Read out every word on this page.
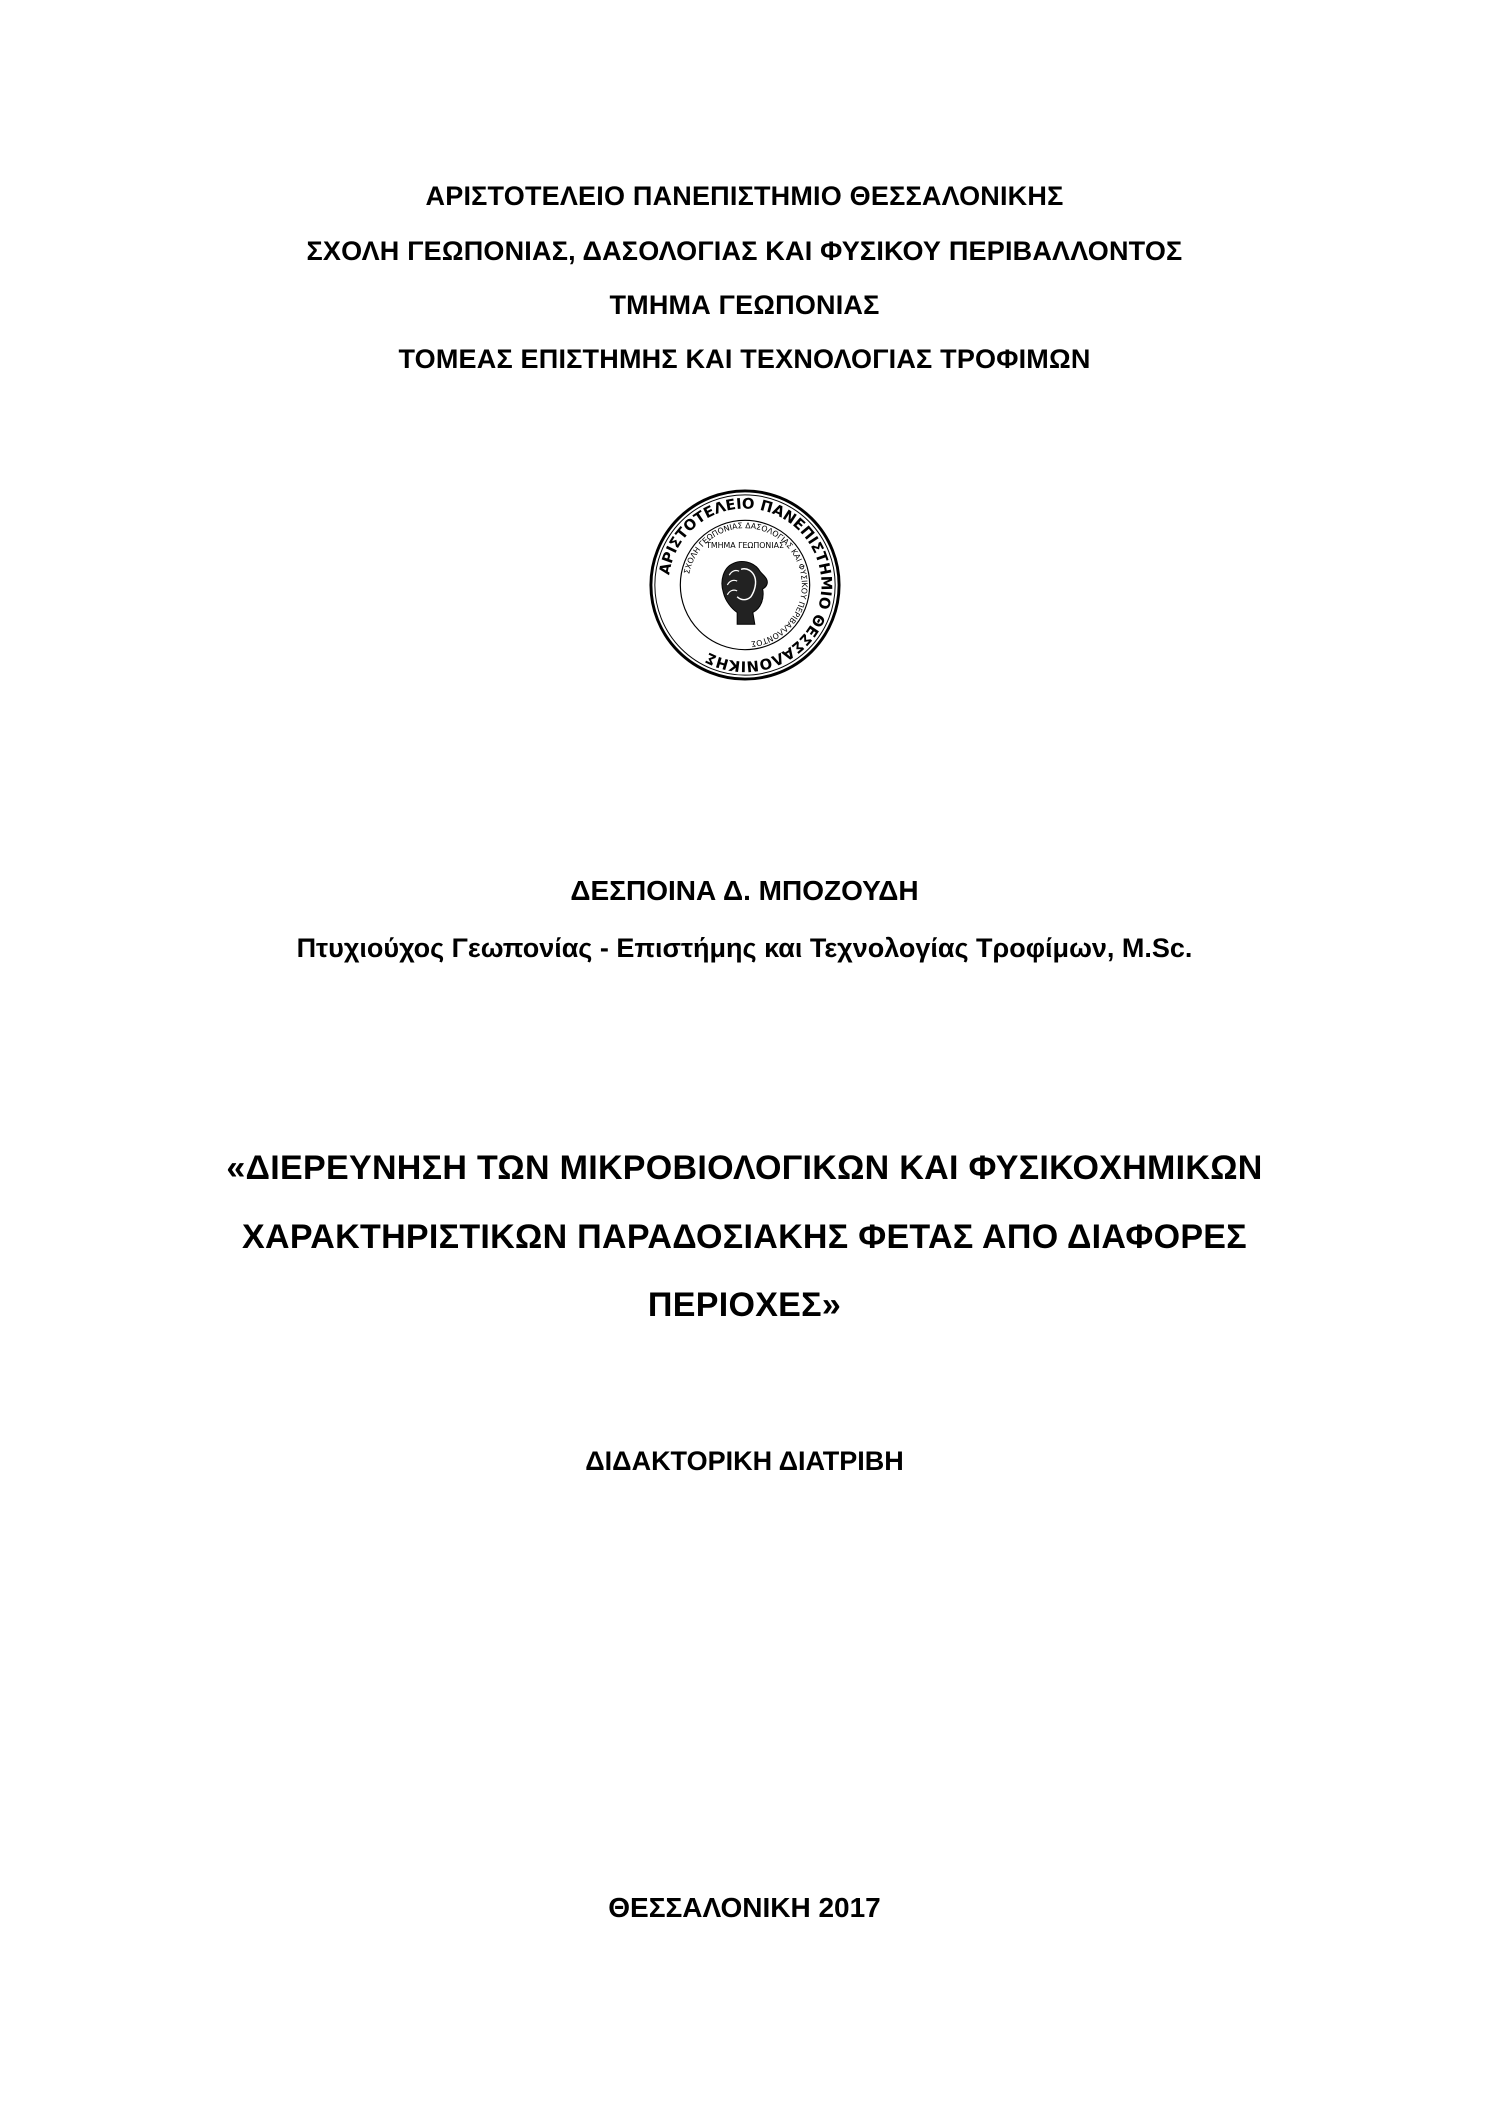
ΑΡΙΣΤΟΤΕΛΕΙΟ ΠΑΝΕΠΙΣΤΗΜΙΟ ΘΕΣΣΑΛΟΝΙΚΗΣ

ΣΧΟΛΗ ΓΕΩΠΟΝΙΑΣ, ΔΑΣΟΛΟΓΙΑΣ ΚΑΙ ΦΥΣΙΚΟΥ ΠΕΡΙΒΑΛΛΟΝΤΟΣ

ΤΜΗΜΑ ΓΕΩΠΟΝΙΑΣ

ΤΟΜΕΑΣ ΕΠΙΣΤΗΜΗΣ ΚΑΙ ΤΕΧΝΟΛΟΓΙΑΣ ΤΡΟΦΙΜΩΝ

ΑΡΙΣΤΟΤΕΛΕΙΟ ΠΑΝΕΠΙΣΤΗΜΙΟ ΘΕΣΣΑΛΟΝΙΚΗΣ
ΣΧΟΛΗ ΓΕΩΠΟΝΙΑΣ ΔΑΣΟΛΟΓΙΑΣ ΚΑΙ ΦΥΣΙΚΟΥ ΠΕΡΙΒΑΛΛΟΝΤΟΣ
ΤΜΗΜΑ ΓΕΩΠΟΝΙΑΣ

ΔΕΣΠΟΙΝΑ Δ. ΜΠΟΖΟΥΔΗ

Πτυχιούχος Γεωπονίας - Επιστήμης και Τεχνολογίας Τροφίμων, M.Sc.

«ΔΙΕΡΕΥΝΗΣΗ ΤΩΝ ΜΙΚΡΟΒΙΟΛΟΓΙΚΩΝ ΚΑΙ ΦΥΣΙΚΟΧΗΜΙΚΩΝ

ΧΑΡΑΚΤΗΡΙΣΤΙΚΩΝ ΠΑΡΑΔΟΣΙΑΚΗΣ ΦΕΤΑΣ ΑΠΟ ΔΙΑΦΟΡΕΣ

ΠΕΡΙΟΧΕΣ»

ΔΙΔΑΚΤΟΡΙΚΗ ΔΙΑΤΡΙΒΗ

ΘΕΣΣΑΛΟΝΙΚΗ 2017
